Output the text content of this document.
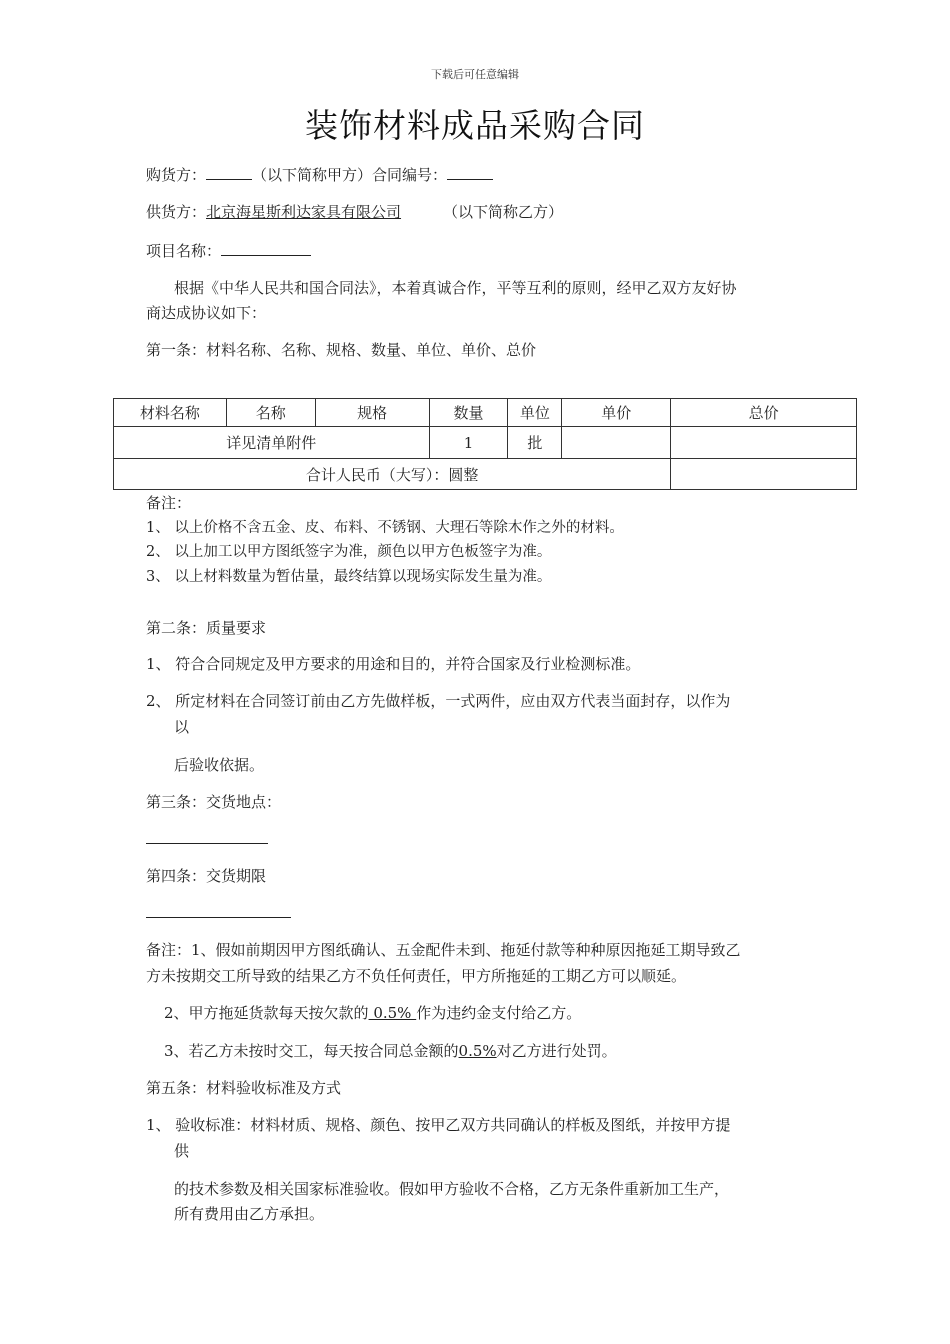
下载后可任意编辑
装饰材料成品采购合同
购货方：	（以下简称甲方）合同编号：
供货方：北京海星斯利达家具有限公司	（以下简称乙方）
项目名称：
根据《中华人民共和国合同法》，本着真诚合作，平等互利的原则，经甲乙双方友好协
商达成协议如下：
第一条：材料名称、名称、规格、数量、单位、单价、总价
材料名称	名称	规格	数量	单位	单价	总价
详见清单附件			1	批		
合计人民币（大写）：圆整						
备注：
1、 以上价格不含五金、皮、布料、不锈钢、大理石等除木作之外的材料。
2、 以上加工以甲方图纸签字为准，颜色以甲方色板签字为准。
3、 以上材料数量为暂估量，最终结算以现场实际发生量为准。
第二条：质量要求
1、 符合合同规定及甲方要求的用途和目的，并符合国家及行业检测标准。
2、 所定材料在合同签订前由乙方先做样板，一式两件，应由双方代表当面封存，以作为
以
后验收依据。
第三条：交货地点：
第四条：交货期限
备注：1、假如前期因甲方图纸确认、五金配件未到、拖延付款等种种原因拖延工期导致乙
方未按期交工所导致的结果乙方不负任何责任，甲方所拖延的工期乙方可以顺延。
2、甲方拖延货款每天按欠款的 0.5% 作为违约金支付给乙方。
3、若乙方未按时交工，每天按合同总金额的0.5%对乙方进行处罚。
第五条：材料验收标准及方式
1、 验收标准：材料材质、规格、颜色、按甲乙双方共同确认的样板及图纸，并按甲方提
供
的技术参数及相关国家标准验收。假如甲方验收不合格，乙方无条件重新加工生产，
所有费用由乙方承担。
